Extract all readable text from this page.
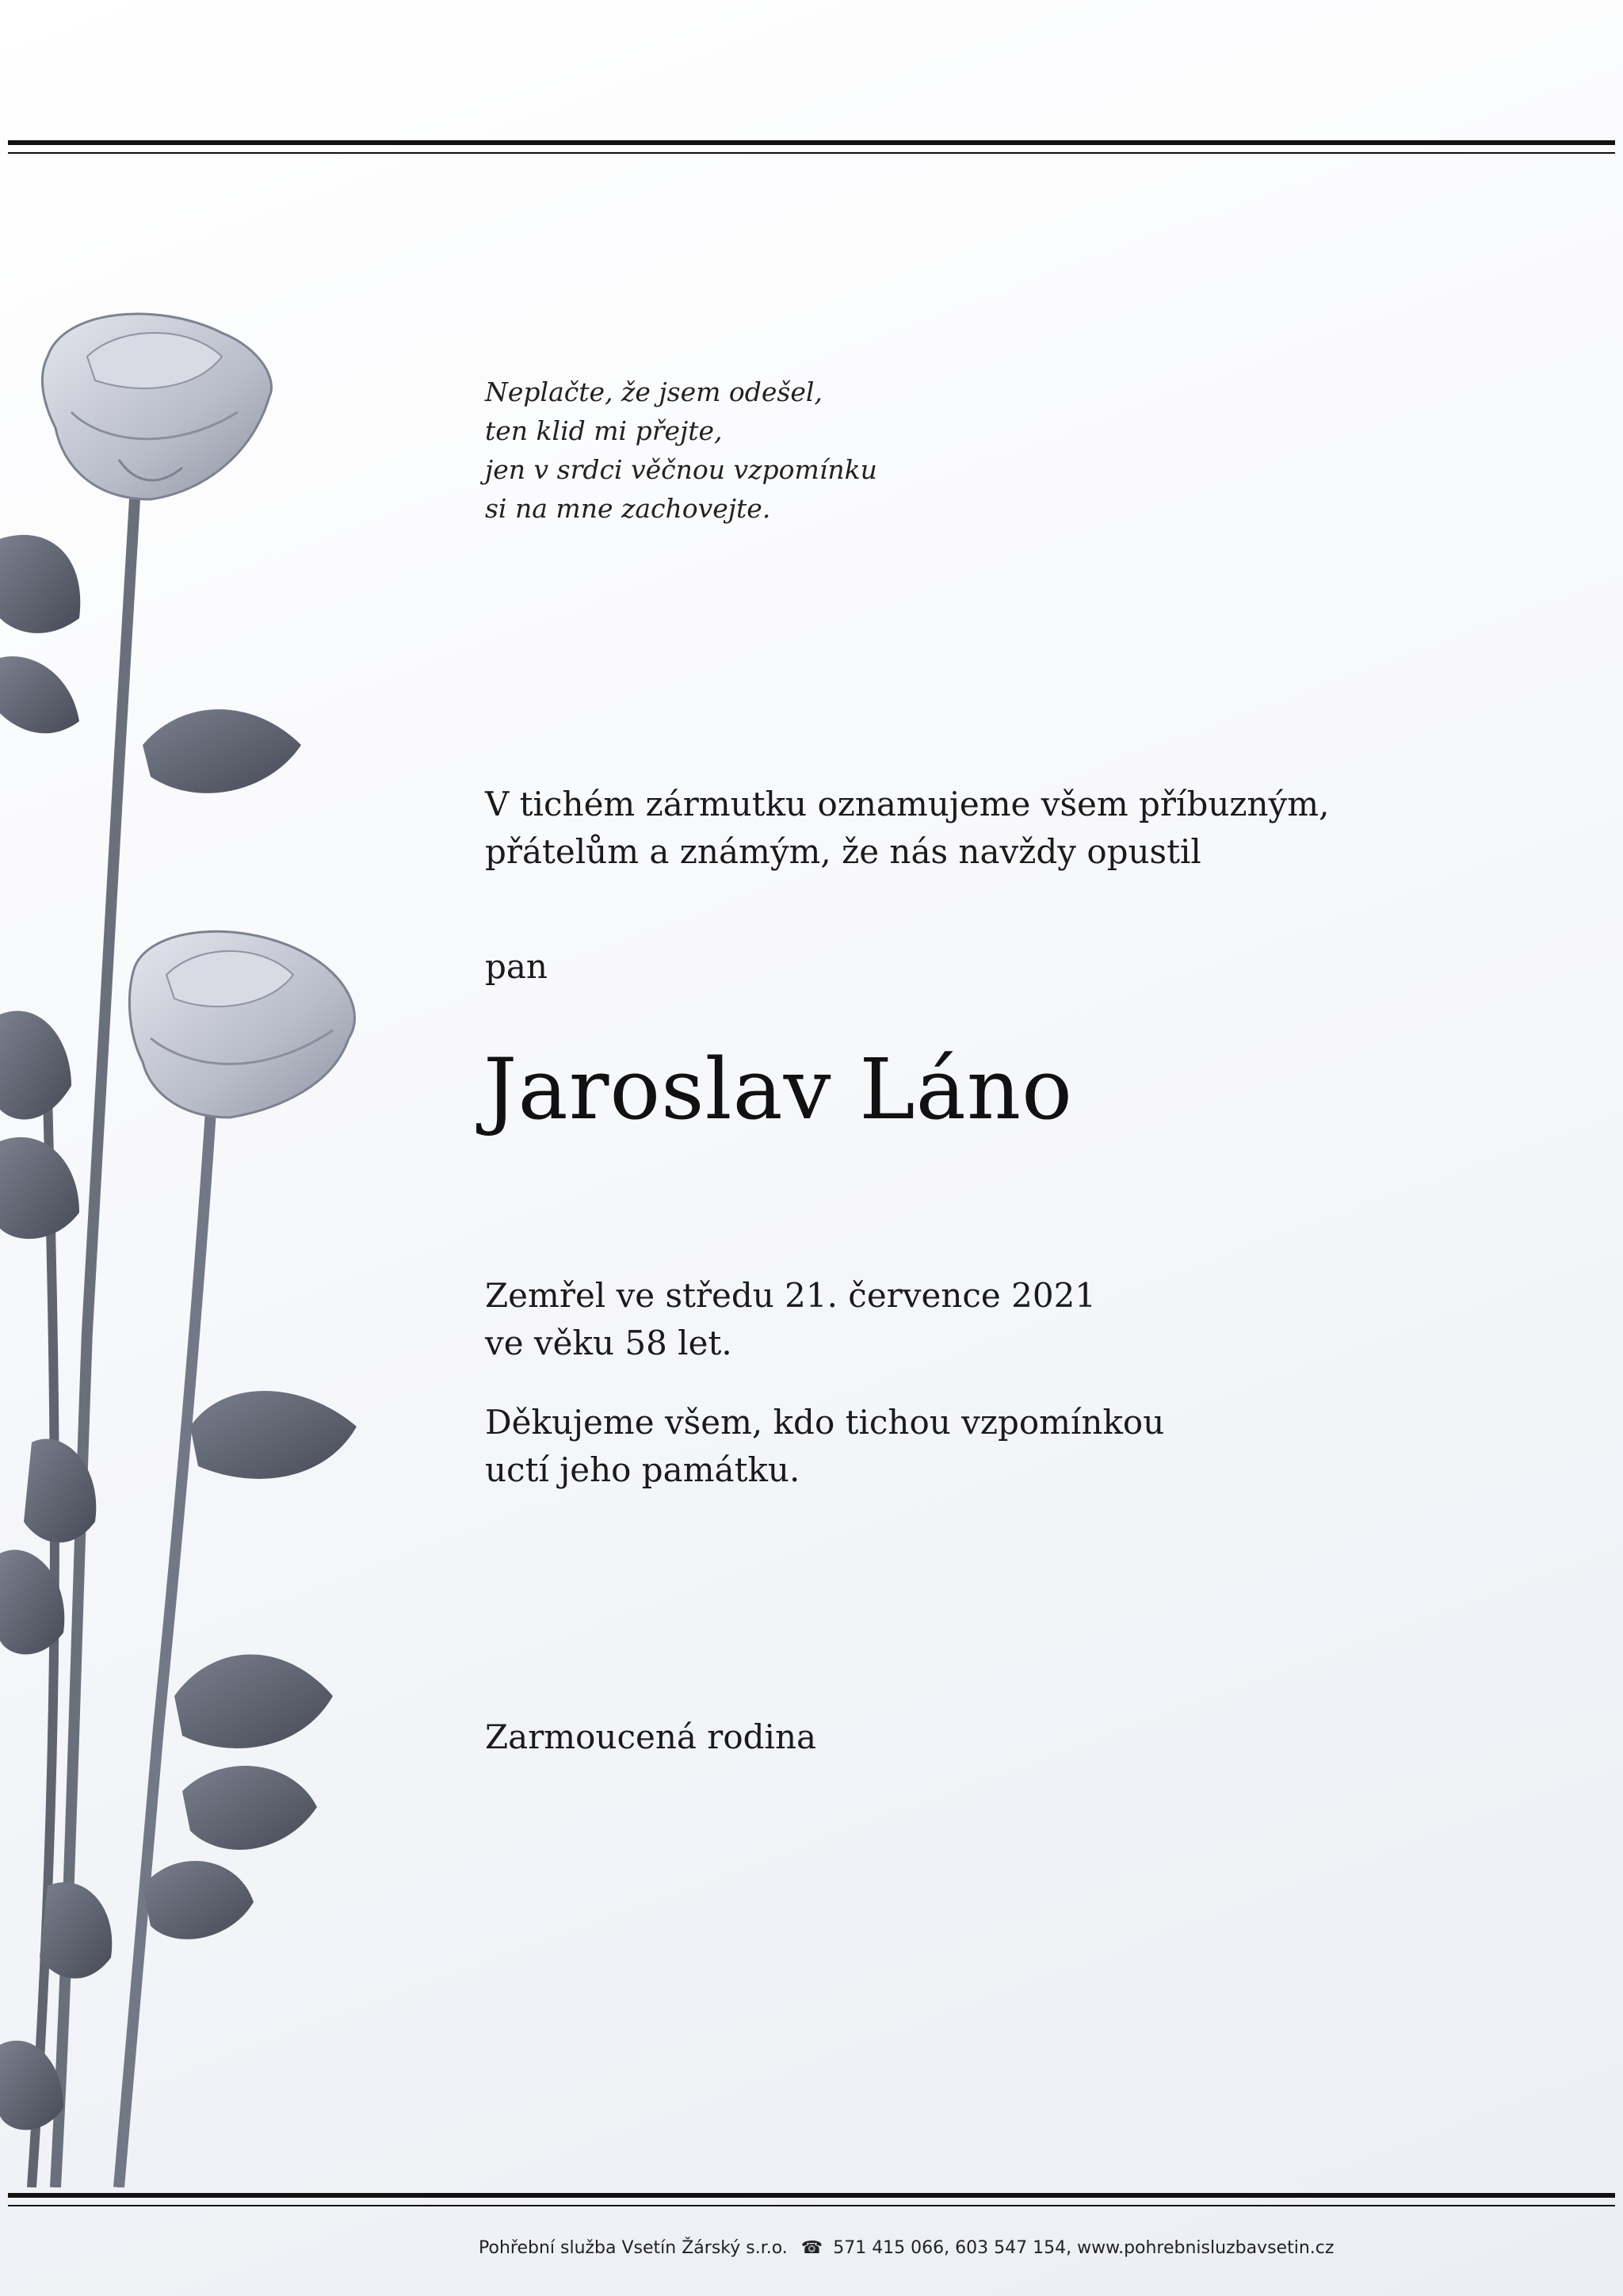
Neplačte, že jsem odešel,
ten klid mi přejte,
jen v srdci věčnou vzpomínku
si na mne zachovejte.
V tichém zármutku oznamujeme všem příbuzným,
přátelům a známým, že nás navždy opustil
pan
Jaroslav Láno
Zemřel ve středu 21. července 2021
ve věku 58 let.
Děkujeme všem, kdo tichou vzpomínkou
uctí jeho památku.
Zarmoucená rodina
Pohřební služba Vsetín Žárský s.r.o. ☎ 571 415 066, 603 547 154, www.pohrebnisluzbavsetin.cz
